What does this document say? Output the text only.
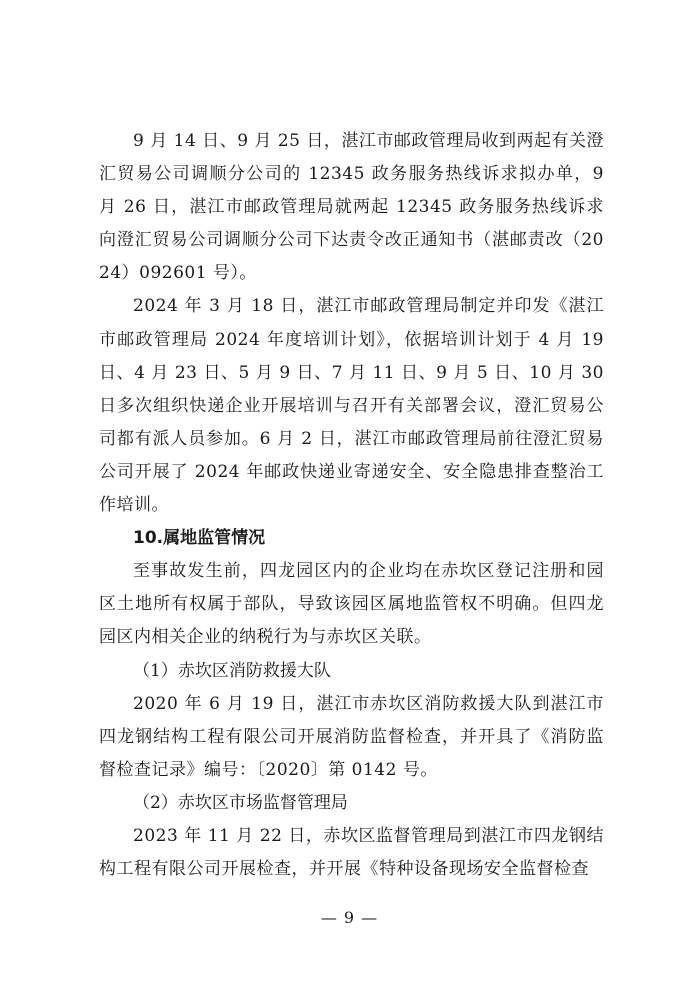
9 月 14 日、9 月 25 日，湛江市邮政管理局收到两起有关澄汇贸易公司调顺分公司的 12345 政务服务热线诉求拟办单，9 月 26 日，湛江市邮政管理局就两起 12345 政务服务热线诉求向澄汇贸易公司调顺分公司下达责令改正通知书（湛邮责改（2024）092601 号）。

2024 年 3 月 18 日，湛江市邮政管理局制定并印发《湛江市邮政管理局 2024 年度培训计划》，依据培训计划于 4 月 19 日、4 月 23 日、5 月 9 日、7 月 11 日、9 月 5 日、10 月 30 日多次组织快递企业开展培训与召开有关部署会议，澄汇贸易公司都有派人员参加。6 月 2 日，湛江市邮政管理局前往澄汇贸易公司开展了 2024 年邮政快递业寄递安全、安全隐患排查整治工作培训。

10.属地监管情况

至事故发生前，四龙园区内的企业均在赤坎区登记注册和园区土地所有权属于部队，导致该园区属地监管权不明确。但四龙园区内相关企业的纳税行为与赤坎区关联。

（1）赤坎区消防救援大队

2020 年 6 月 19 日，湛江市赤坎区消防救援大队到湛江市四龙钢结构工程有限公司开展消防监督检查，并开具了《消防监督检查记录》编号：〔2020〕第 0142 号。

（2）赤坎区市场监督管理局

2023 年 11 月 22 日，赤坎区监督管理局到湛江市四龙钢结构工程有限公司开展检查，并开展《特种设备现场安全监督检查

— 9 —
